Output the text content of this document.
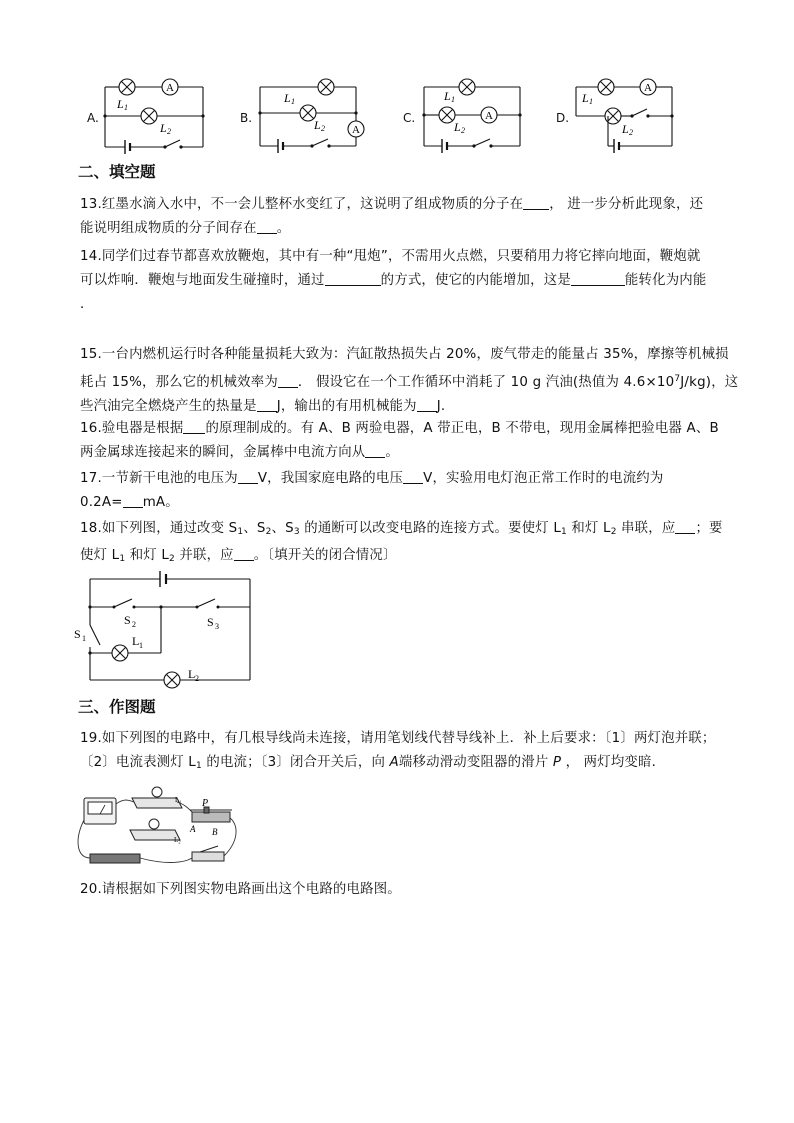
A.	B.	C.	D.
A
L 1
L 2	A
L 1
L 2
A
L 1
L 2
A
L 1
L 2
二、填空题
13.红墨水滴入水中，不一会儿整杯水变红了，这说明了组成物质的分子在 ， 进一步分析此现象，还
能说明组成物质的分子间存在 。
14.同学们过春节都喜欢放鞭炮，其中有一种“甩炮”，不需用火点燃，只要稍用力将它摔向地面，鞭炮就
可以炸响．鞭炮与地面发生碰撞时，通过	的方式，使它的内能增加，这是	能转化为内能
．
15.一台内燃机运行时各种能量损耗大致为：汽缸散热损失占 20%，废气带走的能量占 35%，摩擦等机械损
耗占 15%，那么它的机械效率为 ． 假设它在一个工作循环中消耗了 10 g 汽油(热值为 $4.6\times 10^7J/kg$)，这
些汽油完全燃烧产生的热量是 J，输出的有用机械能为 J.
16.验电器是根据 的原理制成的。有 A、B 两验电器，A 带正电，B 不带电，现用金属棒把验电器 A、B
两金属球连接起来的瞬间，金属棒中电流方向从 。
17.一节新干电池的电压为 V，我国家庭电路的电压 V，实验用电灯泡正常工作时的电流约为
0.2A= mA。
18.如下列图，通过改变 $S_1$、$S_2$、$S_3$ 的通断可以改变电路的连接方式。要使灯 $L_1$ 和灯 $L_2$ 串联，应 ；要
使灯 $L_1$ 和灯 $L_2$ 并联，应 。〔填开关的闭合情况〕
S 1
S 2	S 3
L 1
L 2
三、作图题
19.如下列图的电路中，有几根导线尚未连接，请用笔划线代替导线补上．补上后要求：〔1〕两灯泡并联；
〔2〕电流表测灯 $L_1$ 的电流；〔3〕闭合开关后，向 A端移动滑动变阻器的滑片 P ， 两灯均变暗．
P
A B
L₁
L₂
20.请根据如下列图实物电路画出这个电路的电路图。
